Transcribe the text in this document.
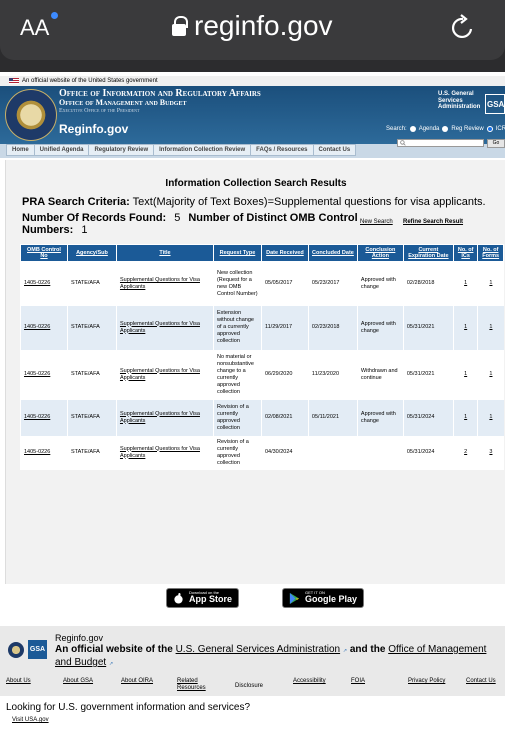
AA	reginfo.gov
An official website of the United States government
Office of Information and Regulatory Affairs
Office of Management and Budget
Executive Office of the President
Reginfo.gov
U.S. General
Services
Administration GSA
Search: Agenda Reg Review ICR
Home	Unified Agenda	Regulatory Review	Information Collection Review	FAQs / Resources	Contact Us
Go
Information Collection Search Results
PRA Search Criteria: Text(Majority of Text Boxes)=Supplemental questions for visa applicants.
Number Of Records Found: 5 Number of Distinct OMB Control Numbers: 1
New Search Refine Search Result
OMB Control No	Agency/Sub	Title	Request Type	Date Received	Concluded Date	Conclusion Action	Current Expiration Date	No. of ICs	No. of Forms
1405-0226	STATE/AFA	Supplemental Questions for Visa Applicants	New collection (Request for a new OMB Control Number)	05/05/2017	05/23/2017	Approved with change	02/28/2018	1	1
1405-0226	STATE/AFA	Supplemental Questions for Visa Applicants	Extension without change of a currently approved collection	11/29/2017	02/23/2018	Approved with change	05/31/2021	1	1
1405-0226	STATE/AFA	Supplemental Questions for Visa Applicants	No material or nonsubstantive change to a currently approved collection	06/29/2020	11/23/2020	Withdrawn and continue	05/31/2021	1	1
1405-0226	STATE/AFA	Supplemental Questions for Visa Applicants	Revision of a currently approved collection	02/08/2021	05/11/2021	Approved with change	05/31/2024	1	1
1405-0226	STATE/AFA	Supplemental Questions for Visa Applicants	Revision of a currently approved collection	04/30/2024			05/31/2024	2	3
Download on the
App Store
GET IT ON
Google Play
GSA
Reginfo.gov
An official website of the U.S. General Services Administration ↗ and the Office of Management and Budget ↗
About Us	About GSA	About OIRA	Related Resources	Disclosure
Accessibility	FOIA	Privacy Policy	Contact Us
Looking for U.S. government information and services?
Visit USA.gov
